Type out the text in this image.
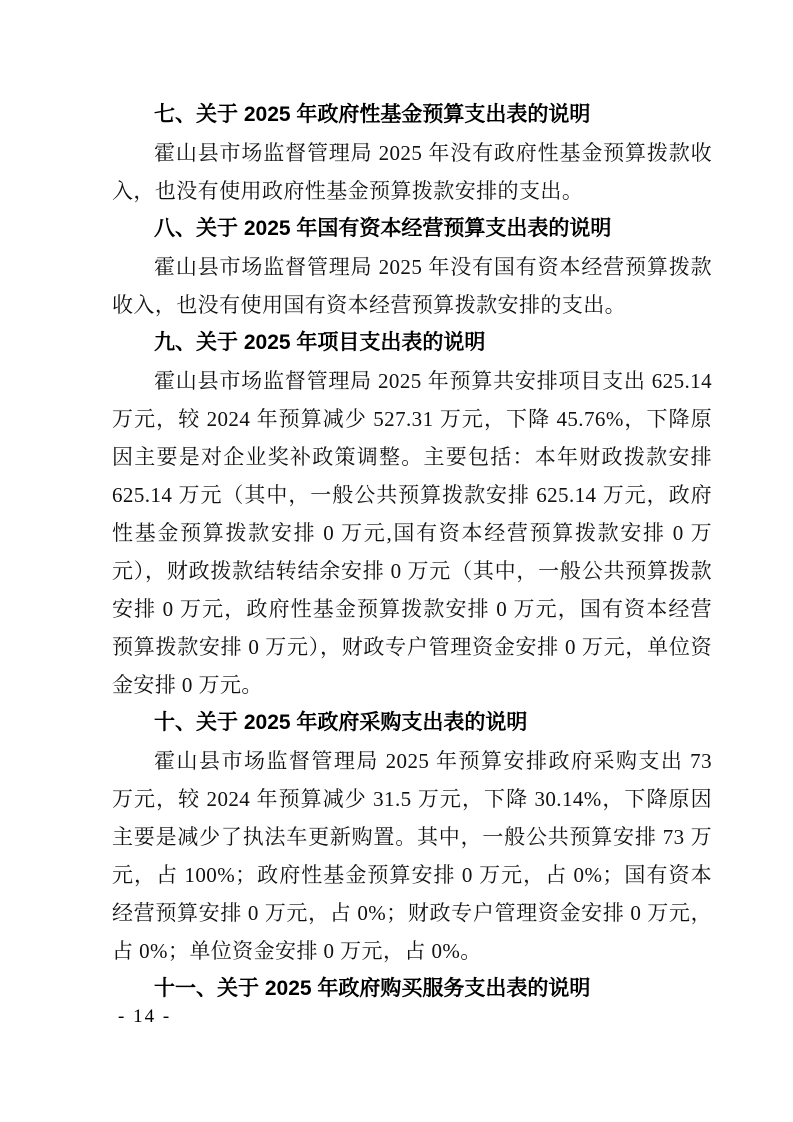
七、关于 2025 年政府性基金预算支出表的说明

霍山县市场监督管理局 2025 年没有政府性基金预算拨款收入，也没有使用政府性基金预算拨款安排的支出。

八、关于 2025 年国有资本经营预算支出表的说明

霍山县市场监督管理局 2025 年没有国有资本经营预算拨款收入，也没有使用国有资本经营预算拨款安排的支出。

九、关于 2025 年项目支出表的说明

霍山县市场监督管理局 2025 年预算共安排项目支出 625.14 万元，较 2024 年预算减少 527.31 万元，下降 45.76%，下降原因主要是对企业奖补政策调整。主要包括：本年财政拨款安排 625.14 万元（其中，一般公共预算拨款安排 625.14 万元，政府性基金预算拨款安排 0 万元,国有资本经营预算拨款安排 0 万元），财政拨款结转结余安排 0 万元（其中，一般公共预算拨款安排 0 万元，政府性基金预算拨款安排 0 万元，国有资本经营预算拨款安排 0 万元），财政专户管理资金安排 0 万元，单位资金安排 0 万元。

十、关于 2025 年政府采购支出表的说明

霍山县市场监督管理局 2025 年预算安排政府采购支出 73 万元，较 2024 年预算减少 31.5 万元，下降 30.14%，下降原因主要是减少了执法车更新购置。其中，一般公共预算安排 73 万元，占 100%；政府性基金预算安排 0 万元，占 0%；国有资本经营预算安排 0 万元，占 0%；财政专户管理资金安排 0 万元，占 0%；单位资金安排 0 万元，占 0%。

十一、关于 2025 年政府购买服务支出表的说明

- 14 -
